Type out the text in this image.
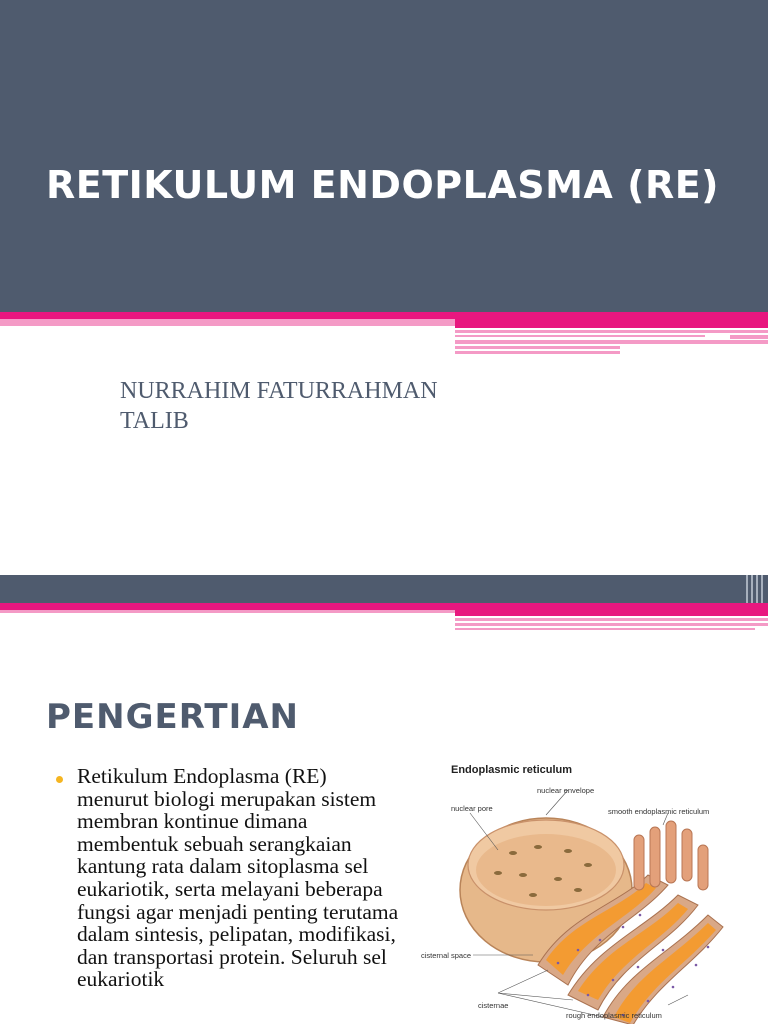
RETIKULUM ENDOPLASMA (RE)

NURRAHIM FATURRAHMAN TALIB

PENGERTIAN

Retikulum Endoplasma (RE) menurut biologi merupakan sistem membran kontinue dimana membentuk sebuah serangkaian kantung rata dalam sitoplasma sel eukariotik, serta melayani beberapa fungsi agar menjadi penting terutama dalam sintesis, pelipatan, modifikasi, dan transportasi protein. Seluruh sel eukariotik

Endoplasmic reticulum
nuclear envelope
nuclear pore	smooth endoplasmic reticulum
cisternal space
cisternae
rough endoplasmic reticulum
